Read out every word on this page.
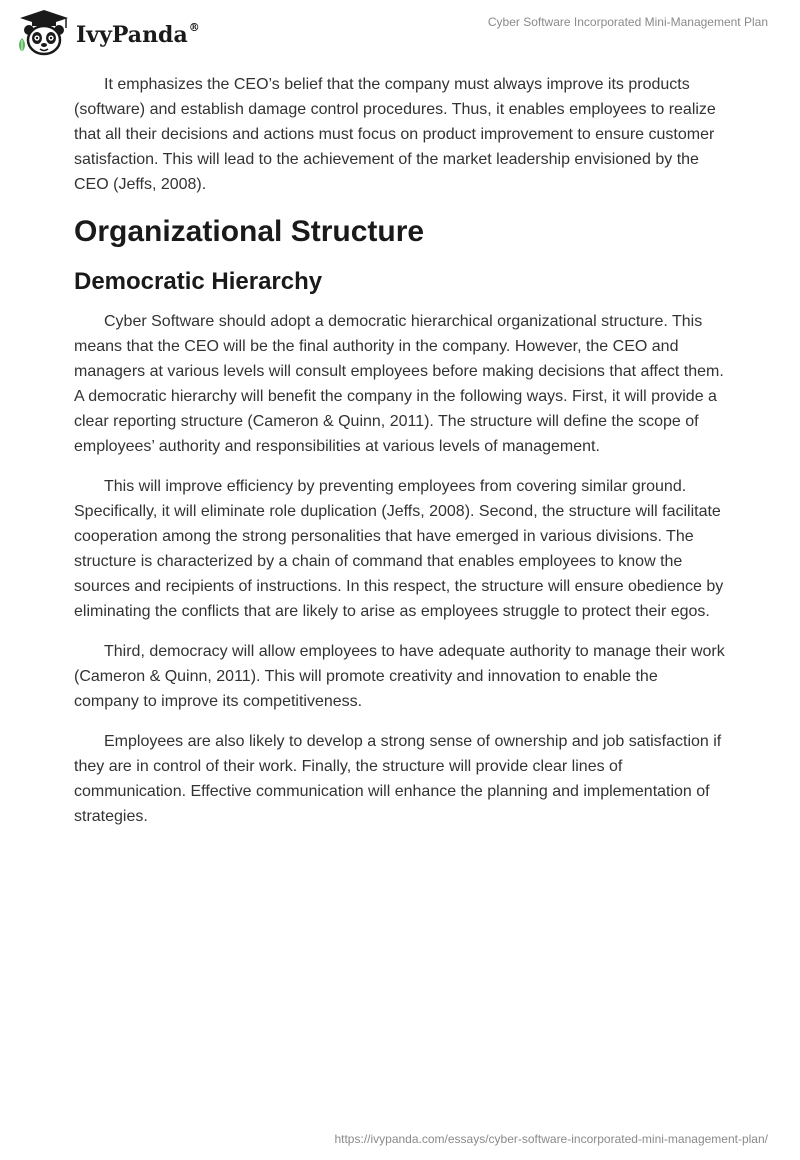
IvyPanda®	Cyber Software Incorporated Mini-Management Plan

It emphasizes the CEO’s belief that the company must always improve its products (software) and establish damage control procedures. Thus, it enables employees to realize that all their decisions and actions must focus on product improvement to ensure customer satisfaction. This will lead to the achievement of the market leadership envisioned by the CEO (Jeffs, 2008).

Organizational Structure
Democratic Hierarchy

Cyber Software should adopt a democratic hierarchical organizational structure. This means that the CEO will be the final authority in the company. However, the CEO and managers at various levels will consult employees before making decisions that affect them. A democratic hierarchy will benefit the company in the following ways. First, it will provide a clear reporting structure (Cameron & Quinn, 2011). The structure will define the scope of employees’ authority and responsibilities at various levels of management.

This will improve efficiency by preventing employees from covering similar ground. Specifically, it will eliminate role duplication (Jeffs, 2008). Second, the structure will facilitate cooperation among the strong personalities that have emerged in various divisions. The structure is characterized by a chain of command that enables employees to know the sources and recipients of instructions. In this respect, the structure will ensure obedience by eliminating the conflicts that are likely to arise as employees struggle to protect their egos.

Third, democracy will allow employees to have adequate authority to manage their work (Cameron & Quinn, 2011). This will promote creativity and innovation to enable the company to improve its competitiveness.

Employees are also likely to develop a strong sense of ownership and job satisfaction if they are in control of their work. Finally, the structure will provide clear lines of communication. Effective communication will enhance the planning and implementation of strategies.

https://ivypanda.com/essays/cyber-software-incorporated-mini-management-plan/
